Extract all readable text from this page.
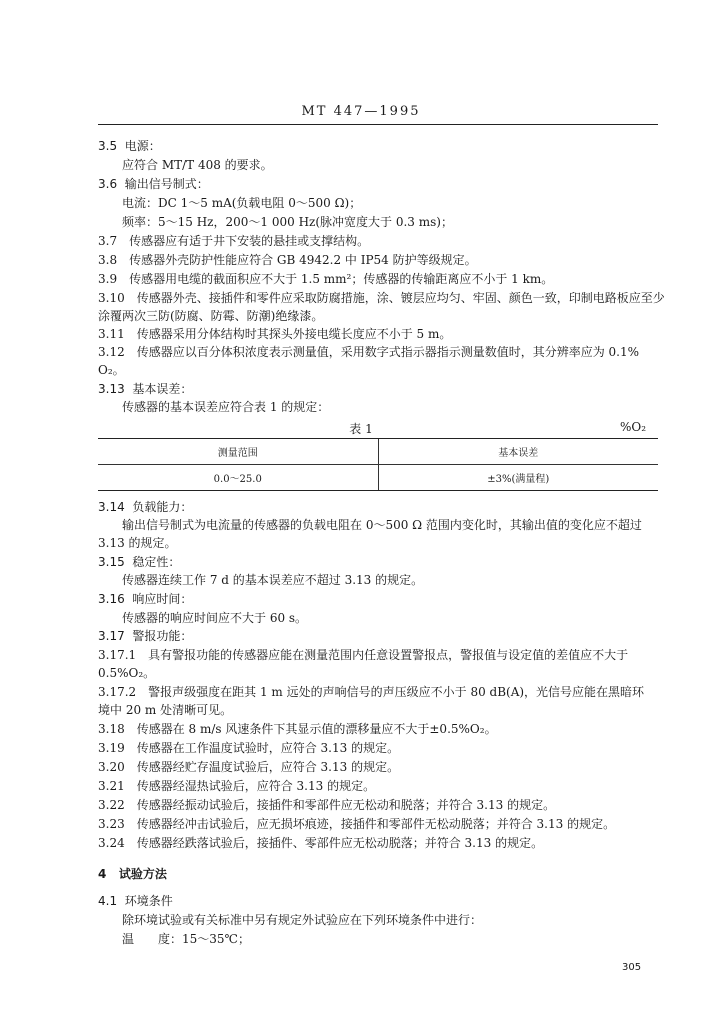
MT 447—1995
3.5 电源：
应符合 MT/T 408 的要求。
3.6 输出信号制式：
电流：DC 1～5 mA(负载电阻 0～500 Ω)；
频率：5～15 Hz，200～1 000 Hz(脉冲宽度大于 0.3 ms)；
3.7　传感器应有适于井下安装的悬挂或支撑结构。
3.8　传感器外壳防护性能应符合 GB 4942.2 中 IP54 防护等级规定。
3.9　传感器用电缆的截面积应不大于 1.5 mm²；传感器的传输距离应不小于 1 km。
3.10　传感器外壳、接插件和零件应采取防腐措施，涂、镀层应均匀、牢固、颜色一致，印制电路板应至少
涂覆两次三防(防腐、防霉、防潮)绝缘漆。
3.11　传感器采用分体结构时其探头外接电缆长度应不小于 5 m。
3.12　传感器应以百分体积浓度表示测量值，采用数字式指示器指示测量数值时，其分辨率应为 0.1%
O₂。
3.13 基本误差：
传感器的基本误差应符合表 1 的规定：
表 1	%O₂
测量范围	基本误差
0.0～25.0	±3%(满量程)
3.14 负载能力：
输出信号制式为电流量的传感器的负载电阻在 0～500 Ω 范围内变化时，其输出值的变化应不超过
3.13 的规定。
3.15 稳定性：
传感器连续工作 7 d 的基本误差应不超过 3.13 的规定。
3.16 响应时间：
传感器的响应时间应不大于 60 s。
3.17 警报功能：
3.17.1　具有警报功能的传感器应能在测量范围内任意设置警报点，警报值与设定值的差值应不大于
0.5%O₂。
3.17.2　警报声级强度在距其 1 m 远处的声响信号的声压级应不小于 80 dB(A)，光信号应能在黑暗环
境中 20 m 处清晰可见。
3.18　传感器在 8 m/s 风速条件下其显示值的漂移量应不大于±0.5%O₂。
3.19　传感器在工作温度试验时，应符合 3.13 的规定。
3.20　传感器经贮存温度试验后，应符合 3.13 的规定。
3.21　传感器经湿热试验后，应符合 3.13 的规定。
3.22　传感器经振动试验后，接插件和零部件应无松动和脱落；并符合 3.13 的规定。
3.23　传感器经冲击试验后，应无损坏痕迹，接插件和零部件无松动脱落；并符合 3.13 的规定。
3.24　传感器经跌落试验后，接插件、零部件应无松动脱落；并符合 3.13 的规定。
4 试验方法
4.1 环境条件
除环境试验或有关标准中另有规定外试验应在下列环境条件中进行：
温　　度：15～35℃；
305
